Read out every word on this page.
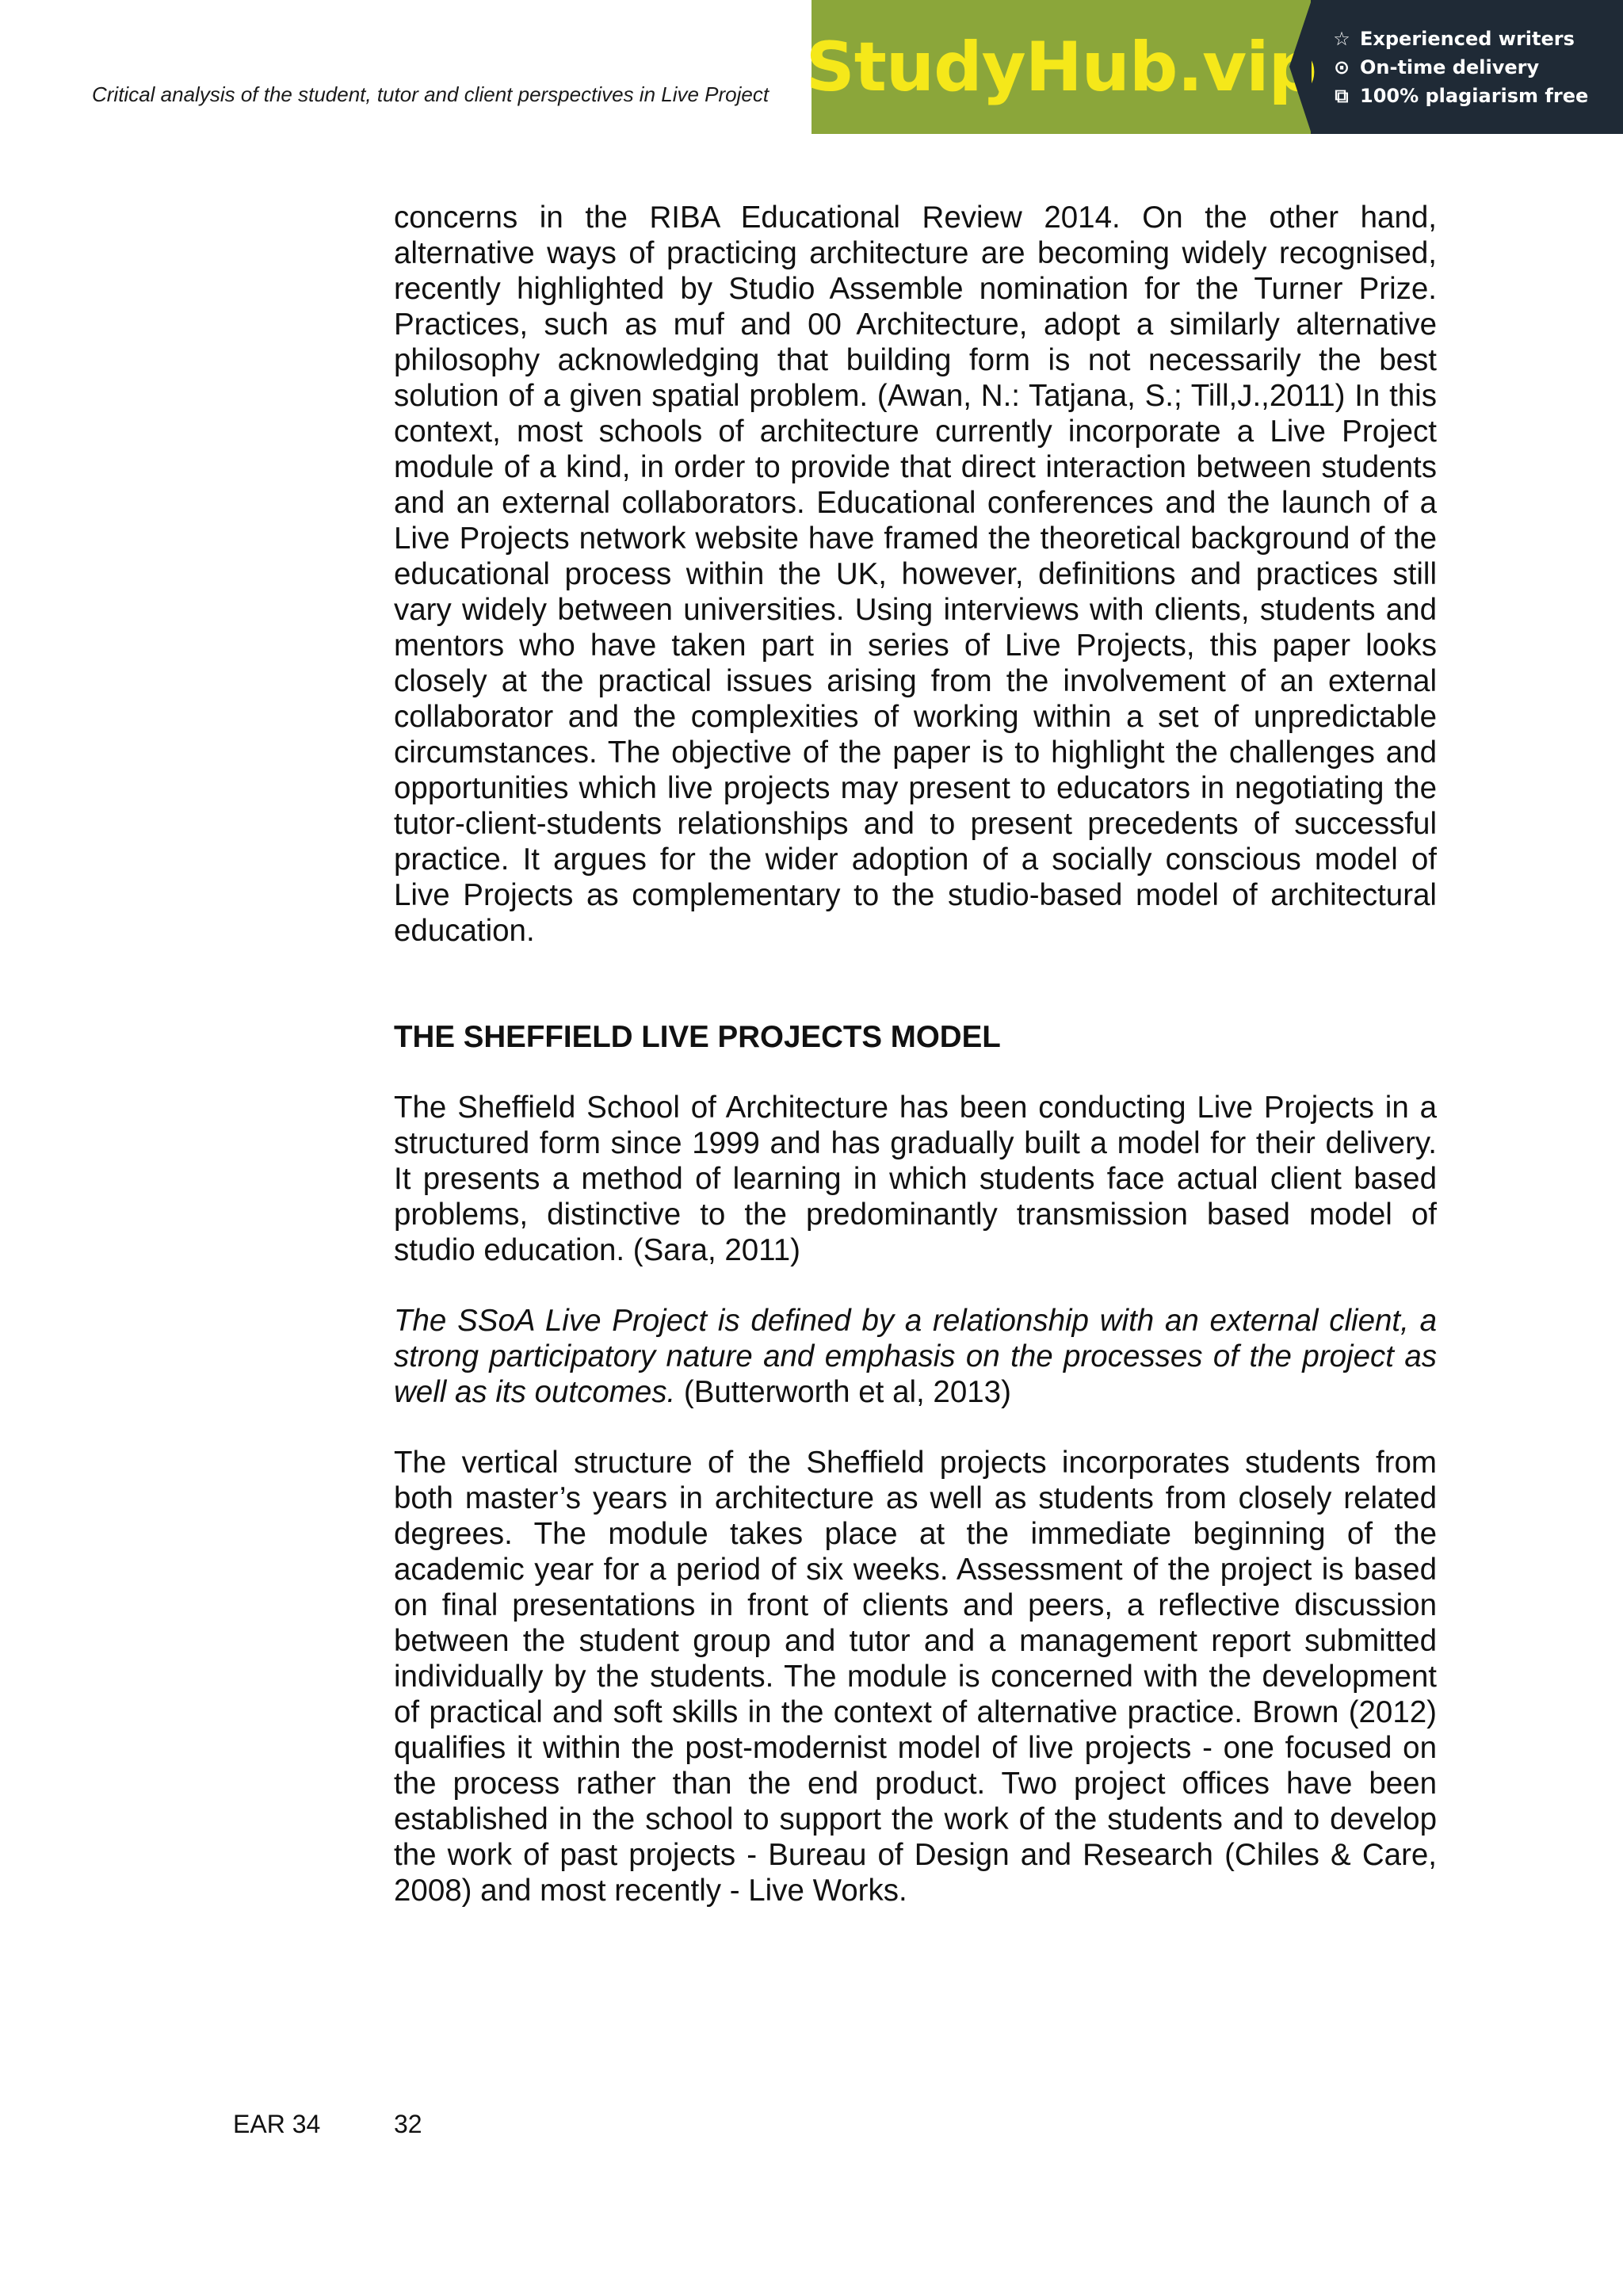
Critical analysis of the student, tutor and client perspectives in Live Project StudyHub.vip ☆ Experienced writers
⊙ On-time delivery
⧉ 100% plagiarism free

concerns in the RIBA Educational Review 2014. On the other hand, alternative ways of practicing architecture are becoming widely recognised, recently highlighted by Studio Assemble nomination for the Turner Prize. Practices, such as muf and 00 Architecture, adopt a similarly alternative philosophy acknowledging that building form is not necessarily the best solution of a given spatial problem. (Awan, N.: Tatjana, S.; Till,J.,2011) In this context, most schools of architecture currently incorporate a Live Project module of a kind, in order to provide that direct interaction between students and an external collaborators. Educational conferences and the launch of a Live Projects network website have framed the theoretical background of the educational process within the UK, however, definitions and practices still vary widely between universities. Using interviews with clients, students and mentors who have taken part in series of Live Projects, this paper looks closely at the practical issues arising from the involvement of an external collaborator and the complexities of working within a set of unpredictable circumstances. The objective of the paper is to highlight the challenges and opportunities which live projects may present to educators in negotiating the tutor-client-students relationships and to present precedents of successful practice. It argues for the wider adoption of a socially conscious model of Live Projects as complementary to the studio-based model of architectural education.

THE SHEFFIELD LIVE PROJECTS MODEL

The Sheffield School of Architecture has been conducting Live Projects in a structured form since 1999 and has gradually built a model for their delivery. It presents a method of learning in which students face actual client based problems, distinctive to the predominantly transmission based model of studio education. (Sara, 2011)

The SSoA Live Project is defined by a relationship with an external client, a strong participatory nature and emphasis on the processes of the project as well as its outcomes. (Butterworth et al, 2013)

The vertical structure of the Sheffield projects incorporates students from both master’s years in architecture as well as students from closely related degrees. The module takes place at the immediate beginning of the academic year for a period of six weeks. Assessment of the project is based on final presentations in front of clients and peers, a reflective discussion between the student group and tutor and a management report submitted individually by the students. The module is concerned with the development of practical and soft skills in the context of alternative practice. Brown (2012) qualifies it within the post-modernist model of live projects - one focused on the process rather than the end product. Two project offices have been established in the school to support the work of the students and to develop the work of past projects - Bureau of Design and Research (Chiles & Care, 2008) and most recently - Live Works.

EAR 34	32
